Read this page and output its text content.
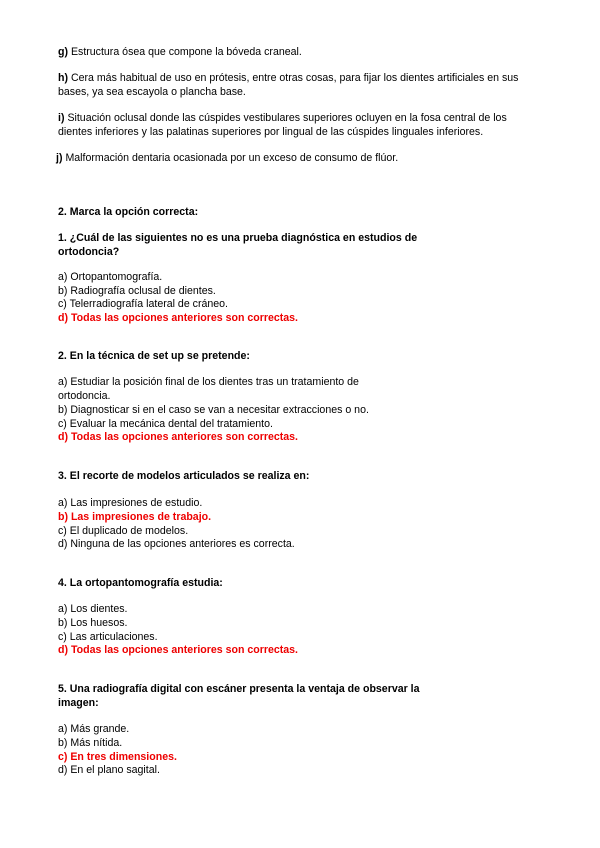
g) Estructura ósea que compone la bóveda craneal.
h) Cera más habitual de uso en prótesis, entre otras cosas, para fijar los dientes artificiales en sus
bases, ya sea escayola o plancha base.
i) Situación oclusal donde las cúspides vestibulares superiores ocluyen en la fosa central de los
dientes inferiores y las palatinas superiores por lingual de las cúspides linguales inferiores.
j) Malformación dentaria ocasionada por un exceso de consumo de flúor.
2. Marca la opción correcta:
1. ¿Cuál de las siguientes no es una prueba diagnóstica en estudios de
ortodoncia?
a) Ortopantomografía.
b) Radiografía oclusal de dientes.
c) Telerradiografía lateral de cráneo.
d) Todas las opciones anteriores son correctas.
2. En la técnica de set up se pretende:
a) Estudiar la posición final de los dientes tras un tratamiento de
ortodoncia.
b) Diagnosticar si en el caso se van a necesitar extracciones o no.
c) Evaluar la mecánica dental del tratamiento.
d) Todas las opciones anteriores son correctas.
3. El recorte de modelos articulados se realiza en:
a) Las impresiones de estudio.
b) Las impresiones de trabajo.
c) El duplicado de modelos.
d) Ninguna de las opciones anteriores es correcta.
4. La ortopantomografía estudia:
a) Los dientes.
b) Los huesos.
c) Las articulaciones.
d) Todas las opciones anteriores son correctas.
5. Una radiografía digital con escáner presenta la ventaja de observar la
imagen:
a) Más grande.
b) Más nítida.
c) En tres dimensiones.
d) En el plano sagital.
